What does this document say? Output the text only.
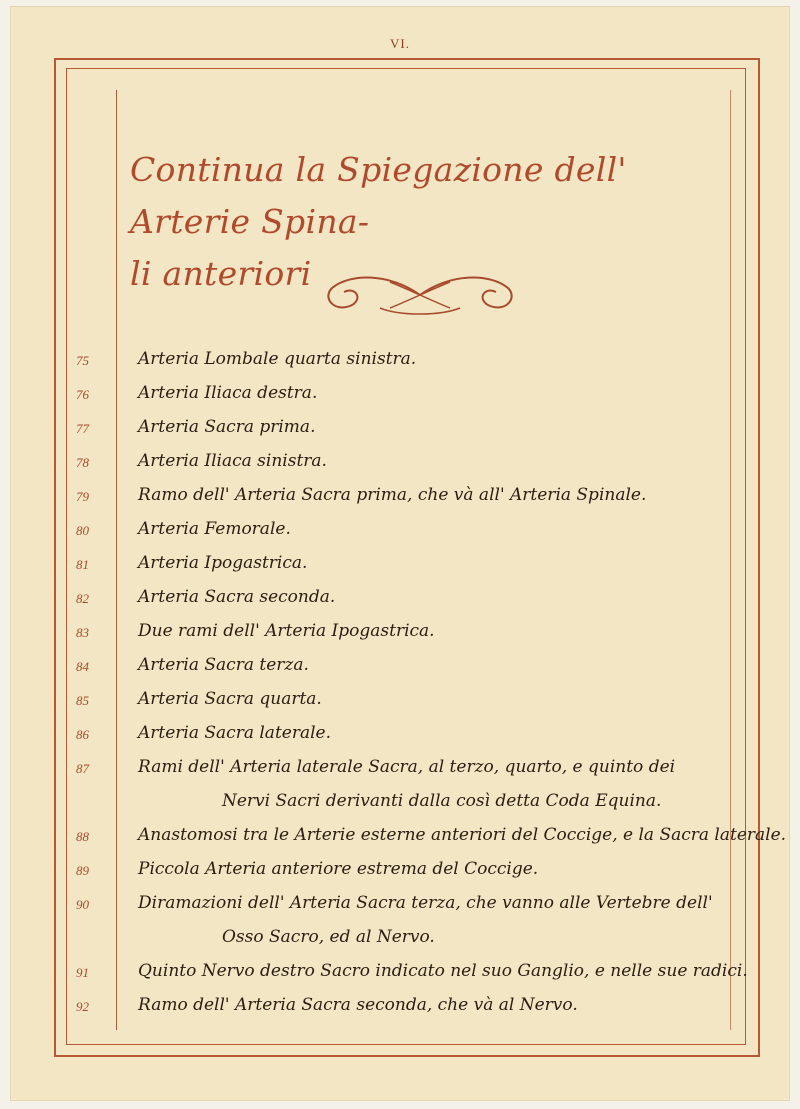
VI.
Continua la Spiegazione dell' Arterie Spina-
li anteriori
75	Arteria Lombale quarta sinistra.
76	Arteria Iliaca destra.
77	Arteria Sacra prima.
78	Arteria Iliaca sinistra.
79	Ramo dell' Arteria Sacra prima, che và all' Arteria Spinale.
80	Arteria Femorale.
81	Arteria Ipogastrica.
82	Arteria Sacra seconda.
83	Due rami dell' Arteria Ipogastrica.
84	Arteria Sacra terza.
85	Arteria Sacra quarta.
86	Arteria Sacra laterale.
87	Rami dell' Arteria laterale Sacra, al terzo, quarto, e quinto dei
Nervi Sacri derivanti dalla così detta Coda Equina.
88	Anastomosi tra le Arterie esterne anteriori del Coccige, e la Sacra laterale.
89	Piccola Arteria anteriore estrema del Coccige.
90	Diramazioni dell' Arteria Sacra terza, che vanno alle Vertebre dell'
Osso Sacro, ed al Nervo.
91	Quinto Nervo destro Sacro indicato nel suo Ganglio, e nelle sue radici.
92	Ramo dell' Arteria Sacra seconda, che và al Nervo.
